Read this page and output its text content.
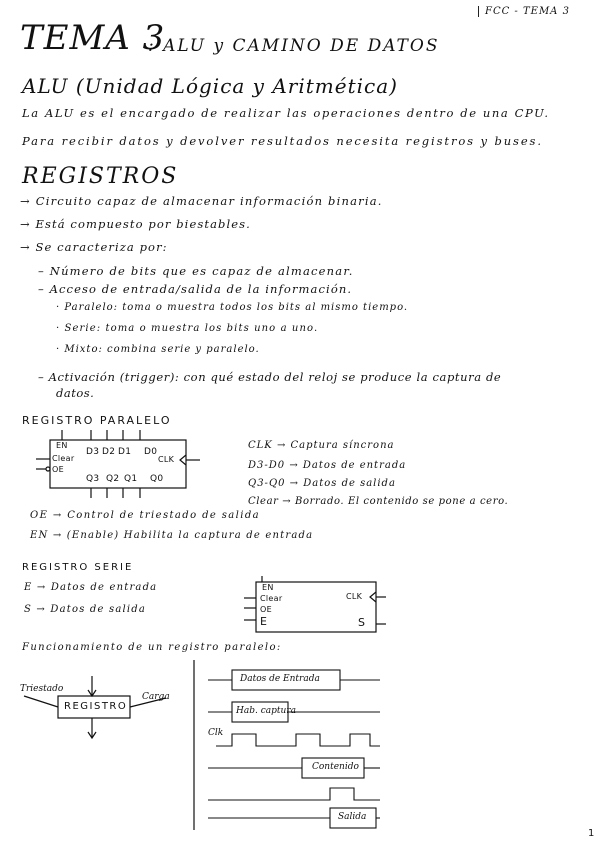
FCC - TEMA 3
TEMA 3
: ALU y CAMINO DE DATOS
ALU (Unidad Lógica y Aritmética)
La ALU es el encargado de realizar las operaciones dentro de una CPU.
Para recibir datos y devolver resultados necesita registros y buses.
REGISTROS
→ Circuito capaz de almacenar información binaria.
→ Está compuesto por biestables.
→ Se caracteriza por:
– Número de bits que es capaz de almacenar.
– Acceso de entrada/salida de la información.
· Paralelo: toma o muestra todos los bits al mismo tiempo.
· Serie: toma o muestra los bits uno a uno.
· Mixto: combina serie y paralelo.
– Activación (trigger): con qué estado del reloj se produce la captura de
datos.
REGISTRO PARALELO
EN
Clear
OE
D3 D2 D1 D0
CLK
Q3 Q2 Q1 Q0
CLK → Captura síncrona
D3-D0 → Datos de entrada
Q3-Q0 → Datos de salida
Clear → Borrado. El contenido se pone a cero.
OE → Control de triestado de salida
EN → (Enable) Habilita la captura de entrada
REGISTRO SERIE
E → Datos de entrada
S → Datos de salida
EN
Clear
OE
E
CLK
S
Funcionamiento de un registro paralelo:
REGISTRO
Triestado
Carga
Datos de Entrada
Hab. captura
Clk
Contenido
Salida
1
